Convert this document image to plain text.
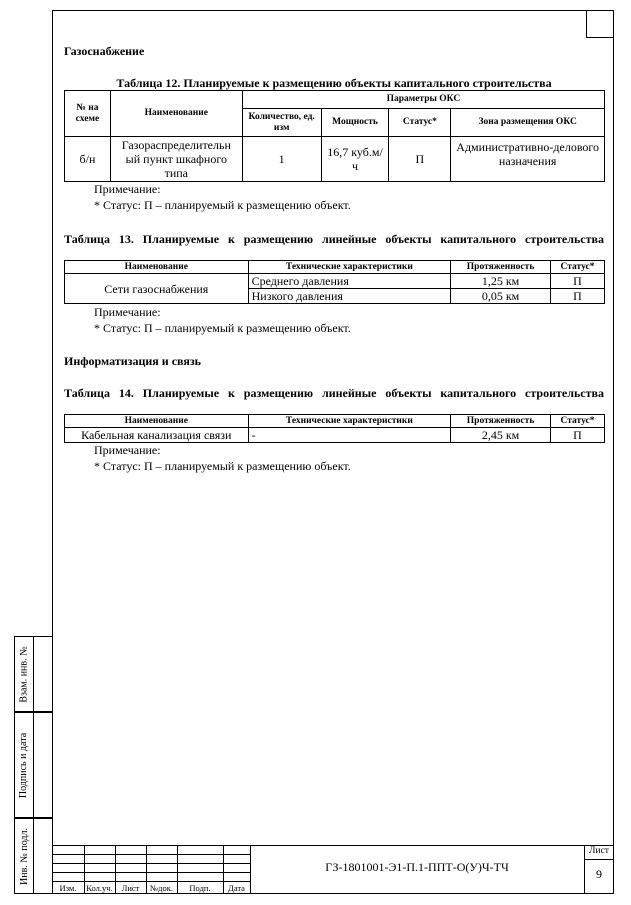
Взам. инв. №
Подпись и дата
Инв. № подл.
Газоснабжение
Таблица 12. Планируемые к размещению объекты капитального строительства
№ на схеме	Наименование	Параметры ОКС			
		Количество, ед. изм	Мощность	Статус*	Зона размещения ОКС
б/н	Газораспределительн ый пункт шкафного типа	1	16,7 куб.м/ч	П	Административно-делового назначения
Примечание:
* Статус: П – планируемый к размещению объект.
Таблица 13. Планируемые к размещению линейные объекты капитального строительства
Наименование	Технические характеристики	Протяженность	Статус*
Сети газоснабжения	Среднего давления	1,25 км	П
	Низкого давления	0,05 км	П
Примечание:
* Статус: П – планируемый к размещению объект.
Информатизация и связь
Таблица 14. Планируемые к размещению линейные объекты капитального строительства
Наименование	Технические характеристики	Протяженность	Статус*
Кабельная канализация связи	-	2,45 км	П
Примечание:
* Статус: П – планируемый к размещению объект.
Изм.	Кол.уч.	Лист	№док.	Подп.	Дата
ГЗ-1801001-Э1-П.1-ППТ-О(У)Ч-ТЧ
Лист
9
